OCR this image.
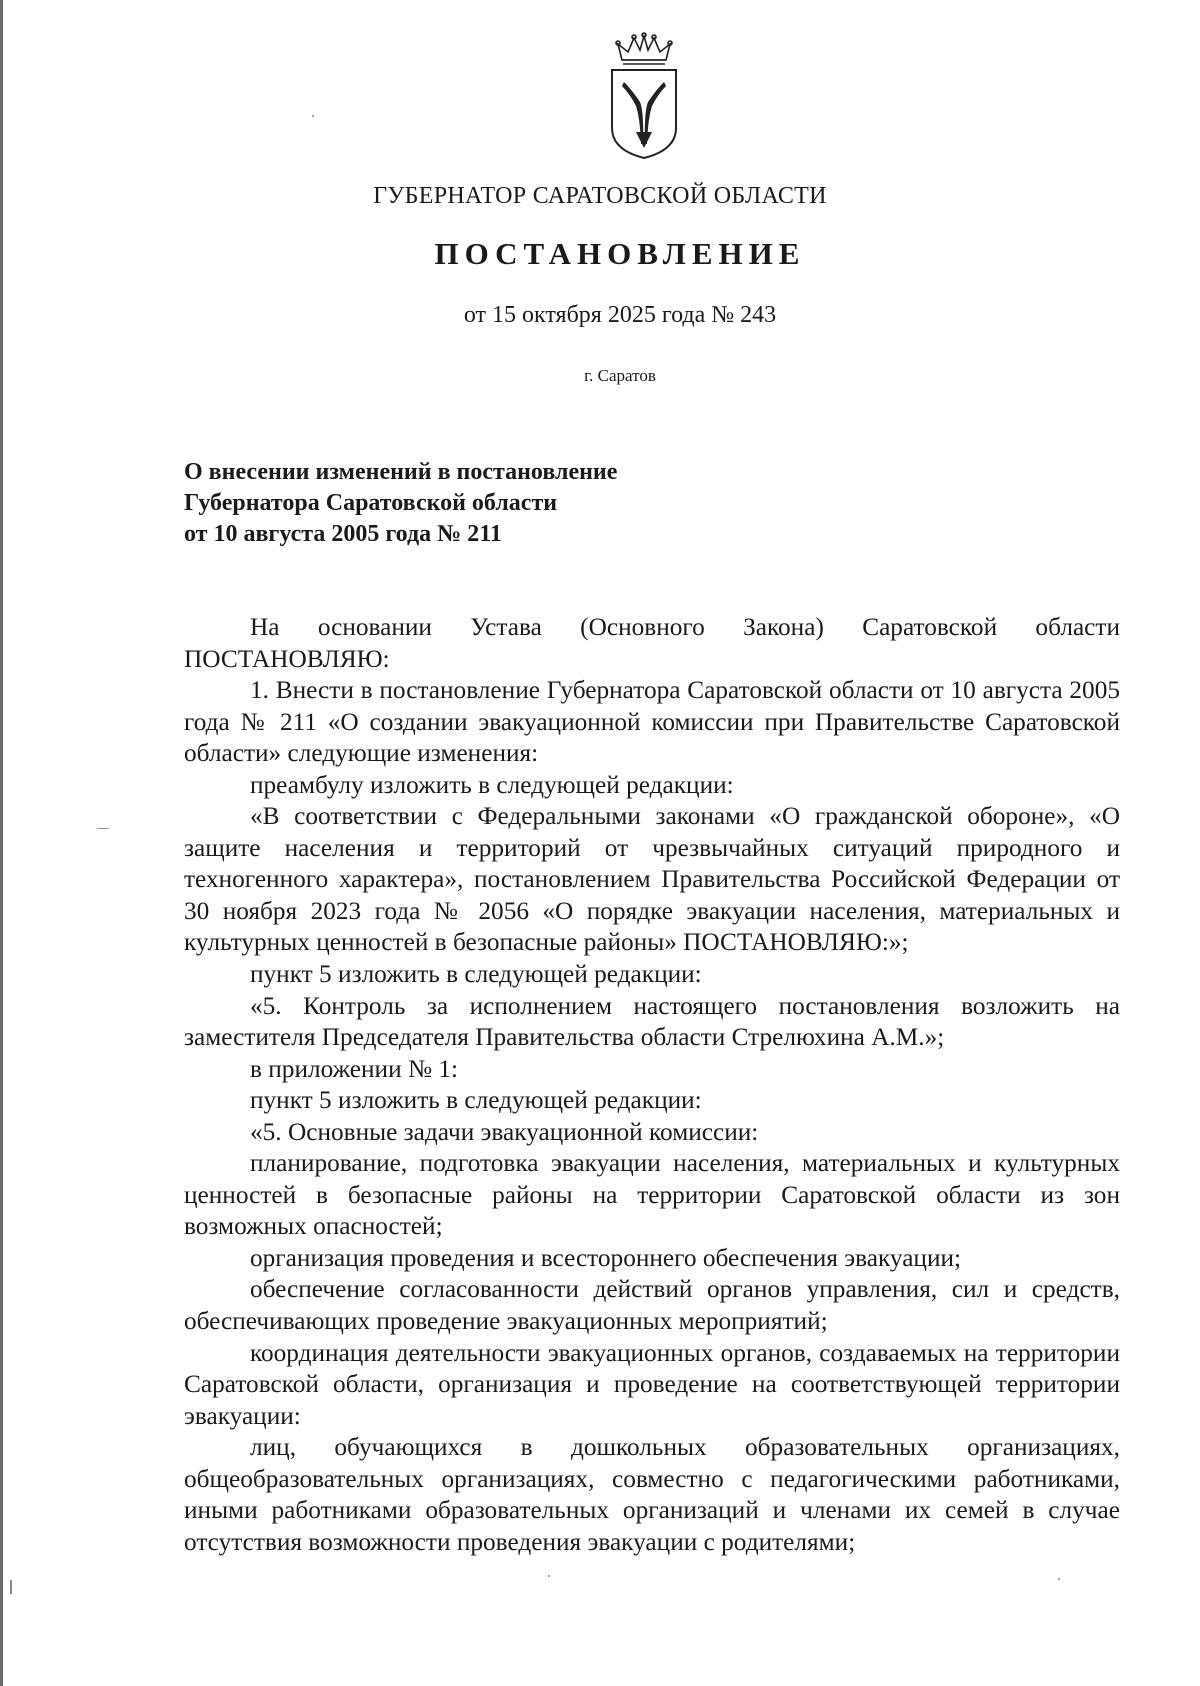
ГУБЕРНАТОР САРАТОВСКОЙ ОБЛАСТИ
ПОСТАНОВЛЕНИЕ
от 15 октября 2025 года № 243
г. Саратов
О внесении изменений в постановление
Губернатора Саратовской области
от 10 августа 2005 года № 211

На основании Устава (Основного Закона) Саратовской области ПОСТАНОВЛЯЮ:

1. Внести в постановление Губернатора Саратовской области от 10 августа 2005 года № 211 «О создании эвакуационной комиссии при Правительстве Саратовской области» следующие изменения:

преамбулу изложить в следующей редакции:

«В соответствии с Федеральными законами «О гражданской обороне», «О защите населения и территорий от чрезвычайных ситуаций природного и техногенного характера», постановлением Правительства Российской Федерации от 30 ноября 2023 года № 2056 «О порядке эвакуации населения, материальных и культурных ценностей в безопасные районы» ПОСТАНОВЛЯЮ:»;

пункт 5 изложить в следующей редакции:

«5. Контроль за исполнением настоящего постановления возложить на заместителя Председателя Правительства области Стрелюхина А.М.»;

в приложении № 1:

пункт 5 изложить в следующей редакции:

«5. Основные задачи эвакуационной комиссии:

планирование, подготовка эвакуации населения, материальных и культурных ценностей в безопасные районы на территории Саратовской области из зон возможных опасностей;

организация проведения и всестороннего обеспечения эвакуации;

обеспечение согласованности действий органов управления, сил и средств, обеспечивающих проведение эвакуационных мероприятий;

координация деятельности эвакуационных органов, создаваемых на территории Саратовской области, организация и проведение на соответствующей территории эвакуации:

лиц, обучающихся в дошкольных образовательных организациях, общеобразовательных организациях, совместно с педагогическими работниками, иными работниками образовательных организаций и членами их семей в случае отсутствия возможности проведения эвакуации с родителями;
